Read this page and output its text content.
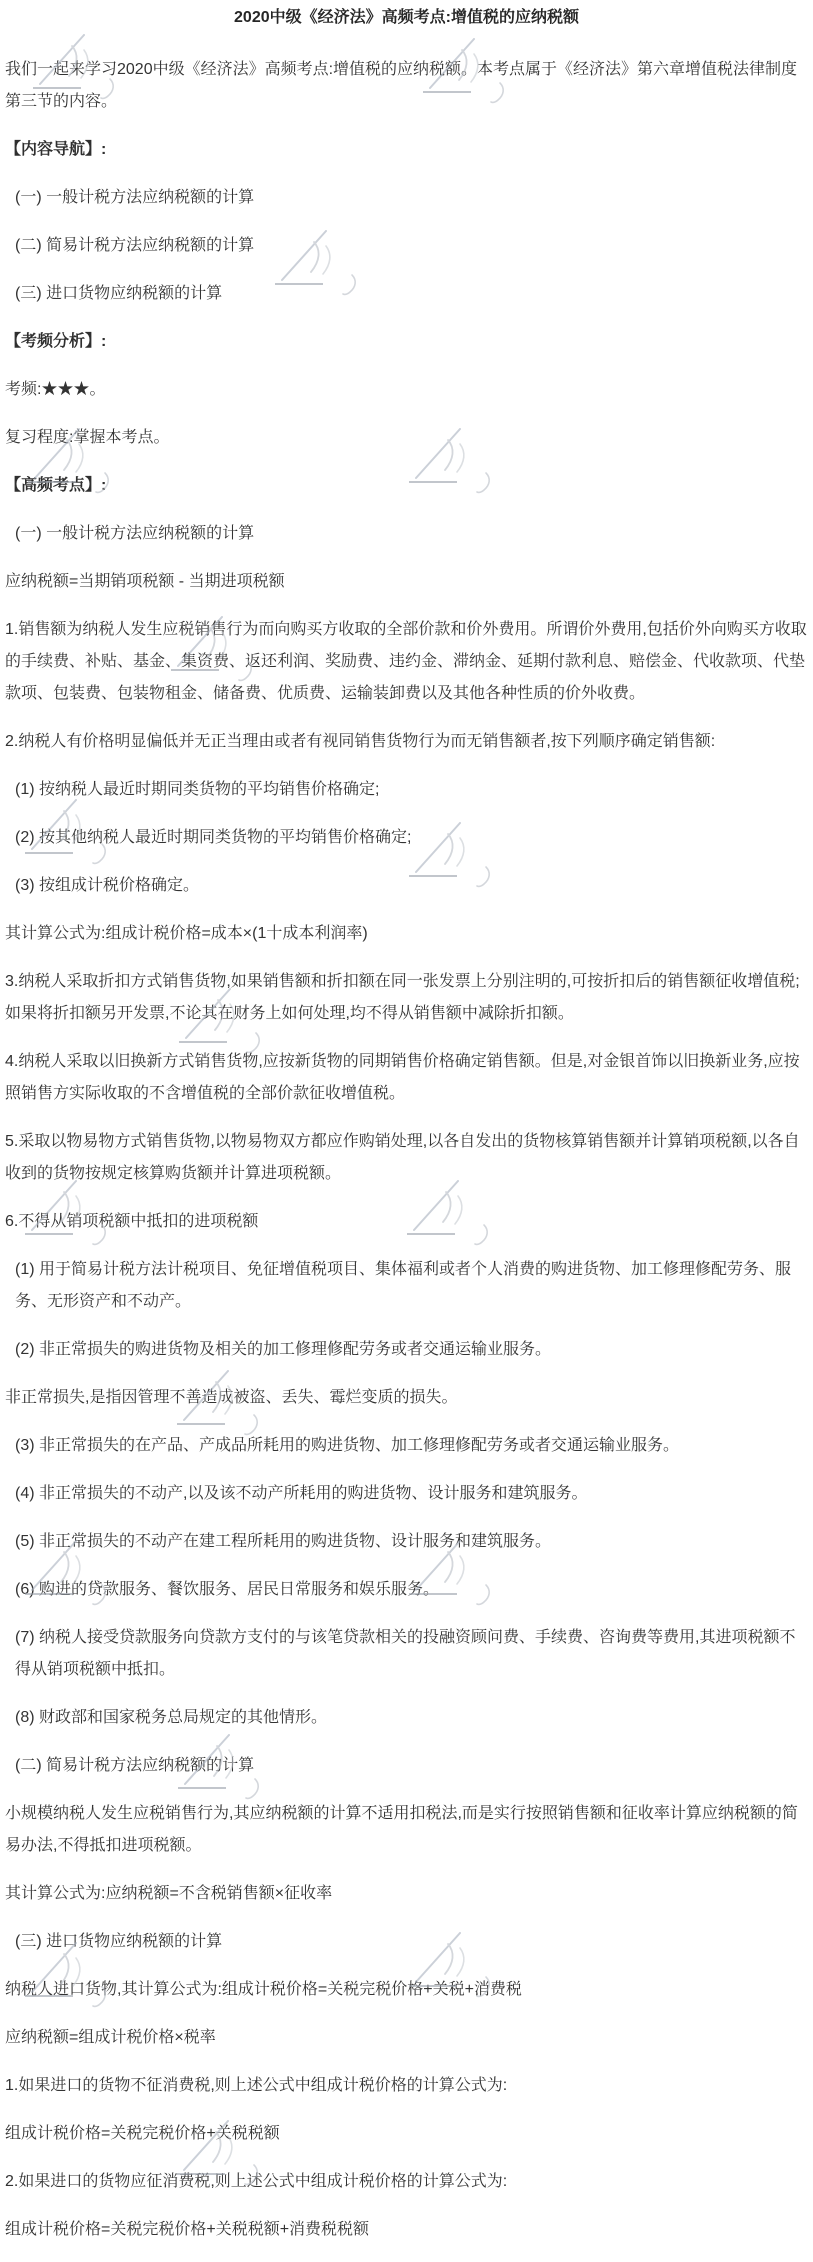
2020中级《经济法》高频考点:增值税的应纳税额

我们一起来学习2020中级《经济法》高频考点:增值税的应纳税额。本考点属于《经济法》第六章增值税法律制度第三节的内容。

【内容导航】:

(一) 一般计税方法应纳税额的计算

(二) 简易计税方法应纳税额的计算

(三) 进口货物应纳税额的计算

【考频分析】:

考频:★★★。

复习程度:掌握本考点。

【高频考点】:

(一) 一般计税方法应纳税额的计算

应纳税额=当期销项税额 - 当期进项税额

1.销售额为纳税人发生应税销售行为而向购买方收取的全部价款和价外费用。所谓价外费用,包括价外向购买方收取的手续费、补贴、基金、集资费、返还利润、奖励费、违约金、滞纳金、延期付款利息、赔偿金、代收款项、代垫款项、包装费、包装物租金、储备费、优质费、运输装卸费以及其他各种性质的价外收费。

2.纳税人有价格明显偏低并无正当理由或者有视同销售货物行为而无销售额者,按下列顺序确定销售额:

(1) 按纳税人最近时期同类货物的平均销售价格确定;

(2) 按其他纳税人最近时期同类货物的平均销售价格确定;

(3) 按组成计税价格确定。

其计算公式为:组成计税价格=成本×(1十成本利润率)

3.纳税人采取折扣方式销售货物,如果销售额和折扣额在同一张发票上分别注明的,可按折扣后的销售额征收增值税;如果将折扣额另开发票,不论其在财务上如何处理,均不得从销售额中减除折扣额。

4.纳税人采取以旧换新方式销售货物,应按新货物的同期销售价格确定销售额。但是,对金银首饰以旧换新业务,应按照销售方实际收取的不含增值税的全部价款征收增值税。

5.采取以物易物方式销售货物,以物易物双方都应作购销处理,以各自发出的货物核算销售额并计算销项税额,以各自收到的货物按规定核算购货额并计算进项税额。

6.不得从销项税额中抵扣的进项税额

(1) 用于简易计税方法计税项目、免征增值税项目、集体福利或者个人消费的购进货物、加工修理修配劳务、服务、无形资产和不动产。

(2) 非正常损失的购进货物及相关的加工修理修配劳务或者交通运输业服务。

非正常损失,是指因管理不善造成被盗、丢失、霉烂变质的损失。

(3) 非正常损失的在产品、产成品所耗用的购进货物、加工修理修配劳务或者交通运输业服务。

(4) 非正常损失的不动产,以及该不动产所耗用的购进货物、设计服务和建筑服务。

(5) 非正常损失的不动产在建工程所耗用的购进货物、设计服务和建筑服务。

(6) 购进的贷款服务、餐饮服务、居民日常服务和娱乐服务。

(7) 纳税人接受贷款服务向贷款方支付的与该笔贷款相关的投融资顾问费、手续费、咨询费等费用,其进项税额不得从销项税额中抵扣。

(8) 财政部和国家税务总局规定的其他情形。

(二) 简易计税方法应纳税额的计算

小规模纳税人发生应税销售行为,其应纳税额的计算不适用扣税法,而是实行按照销售额和征收率计算应纳税额的简易办法,不得抵扣进项税额。

其计算公式为:应纳税额=不含税销售额×征收率

(三) 进口货物应纳税额的计算

纳税人进口货物,其计算公式为:组成计税价格=关税完税价格+关税+消费税

应纳税额=组成计税价格×税率

1.如果进口的货物不征消费税,则上述公式中组成计税价格的计算公式为:

组成计税价格=关税完税价格+关税税额

2.如果进口的货物应征消费税,则上述公式中组成计税价格的计算公式为:

组成计税价格=关税完税价格+关税税额+消费税税额
